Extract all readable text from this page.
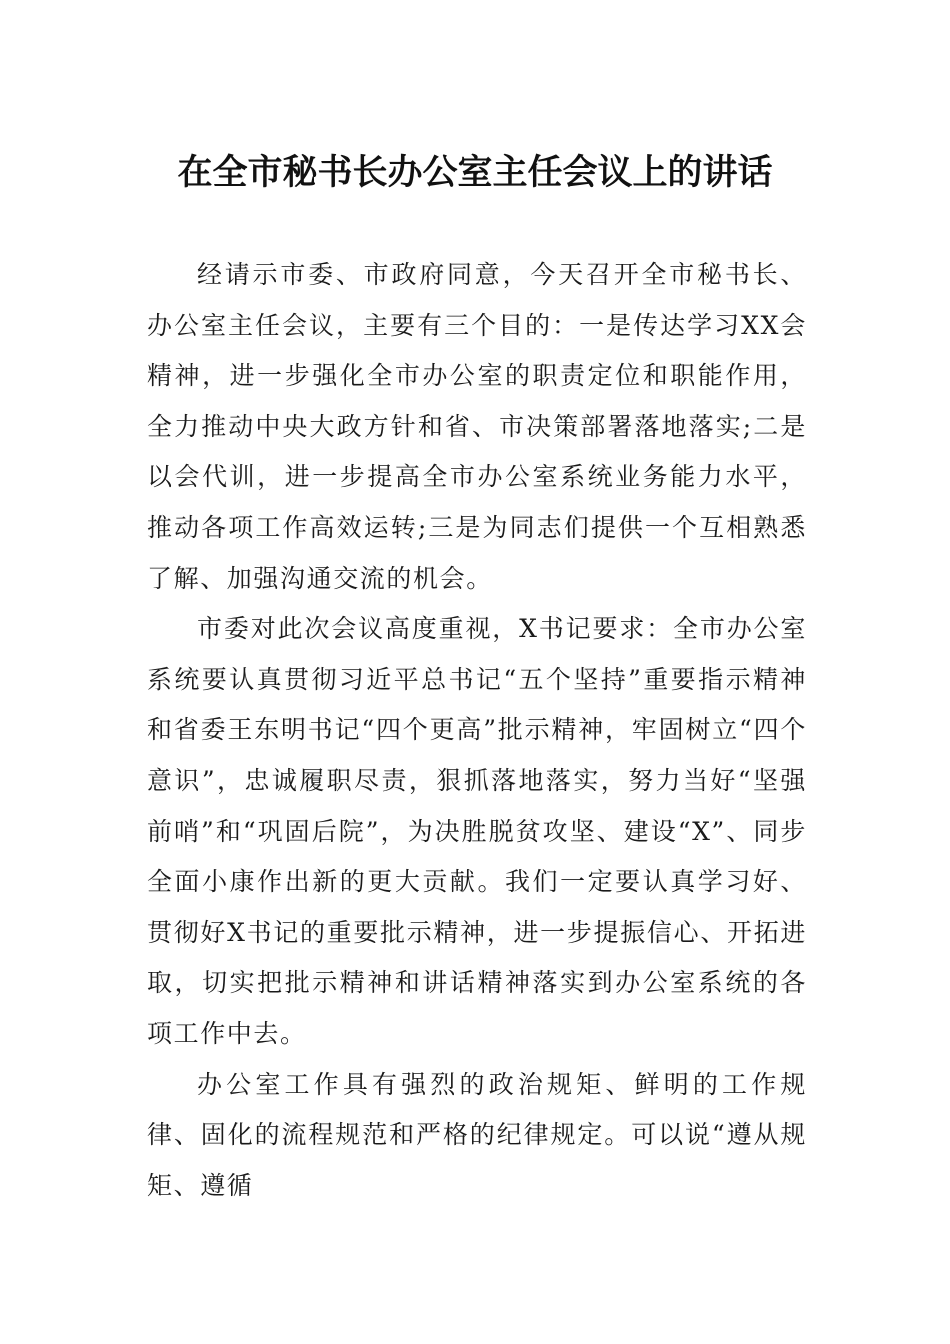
在全市秘书长办公室主任会议上的讲话

经请示市委、市政府同意，今天召开全市秘书长、办公室主任会议，主要有三个目的：一是传达学习XX会精神，进一步强化全市办公室的职责定位和职能作用，全力推动中央大政方针和省、市决策部署落地落实;二是以会代训，进一步提高全市办公室系统业务能力水平，推动各项工作高效运转;三是为同志们提供一个互相熟悉了解、加强沟通交流的机会。

市委对此次会议高度重视，X书记要求：全市办公室系统要认真贯彻习近平总书记“五个坚持”重要指示精神和省委王东明书记“四个更高”批示精神，牢固树立“四个意识”，忠诚履职尽责，狠抓落地落实，努力当好“坚强前哨”和“巩固后院”，为决胜脱贫攻坚、建设“X”、同步全面小康作出新的更大贡献。我们一定要认真学习好、贯彻好X书记的重要批示精神，进一步提振信心、开拓进取，切实把批示精神和讲话精神落实到办公室系统的各项工作中去。

办公室工作具有强烈的政治规矩、鲜明的工作规律、固化的流程规范和严格的纪律规定。可以说“遵从规矩、遵循
